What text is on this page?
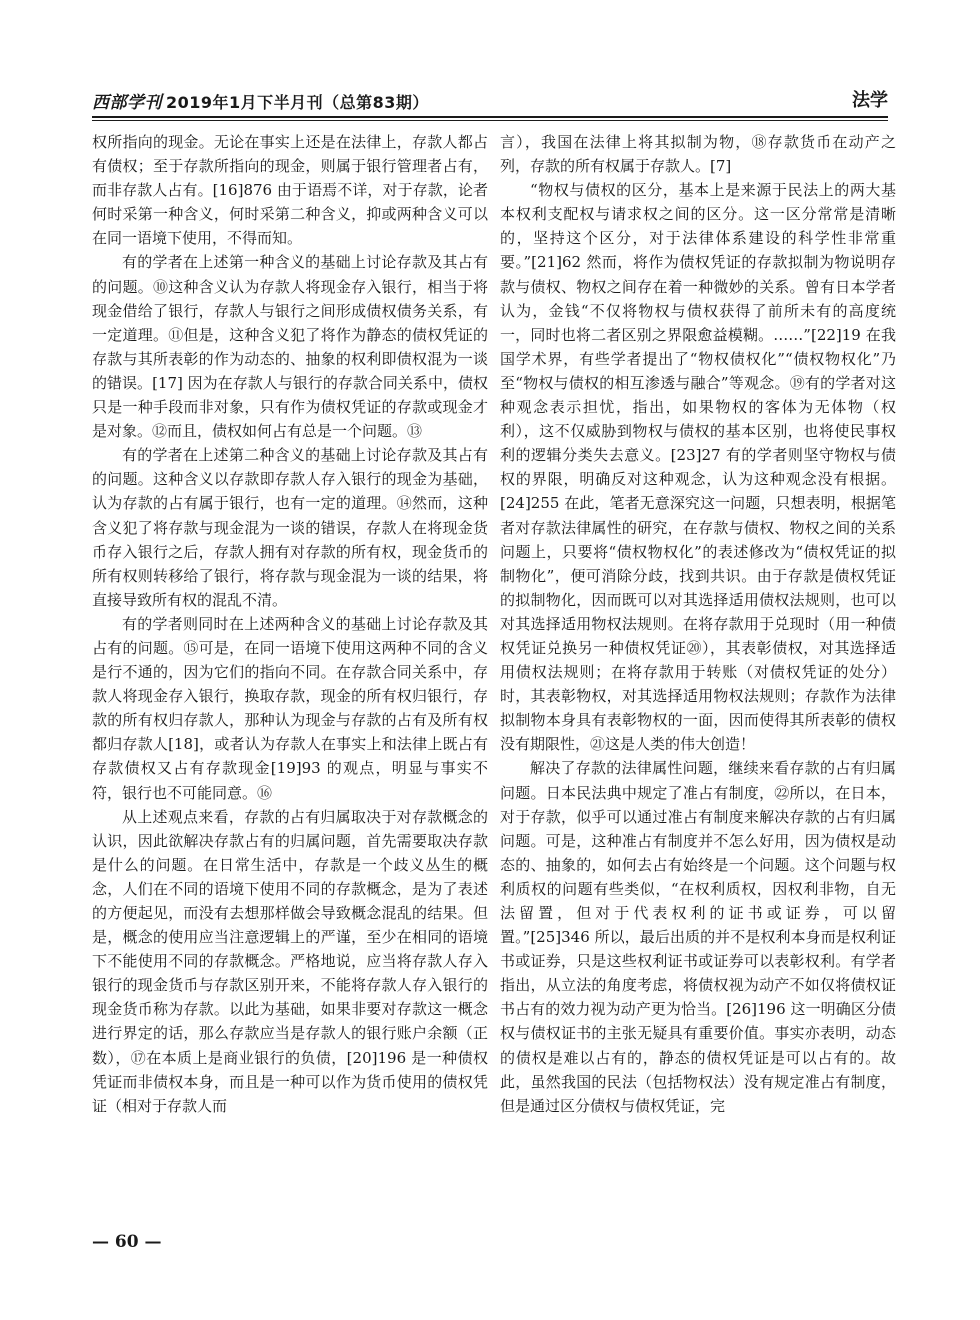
西部学刊 2019年1月下半月刊（总第83期）	法学

权所指向的现金。无论在事实上还是在法律上，存款人都占有债权；至于存款所指向的现金，则属于银行管理者占有，而非存款人占有。[16]876 由于语焉不详，对于存款，论者何时采第一种含义，何时采第二种含义，抑或两种含义可以在同一语境下使用，不得而知。

有的学者在上述第一种含义的基础上讨论存款及其占有的问题。⑩这种含义认为存款人将现金存入银行，相当于将现金借给了银行，存款人与银行之间形成债权债务关系，有一定道理。⑪但是，这种含义犯了将作为静态的债权凭证的存款与其所表彰的作为动态的、抽象的权利即债权混为一谈的错误。[17] 因为在存款人与银行的存款合同关系中，债权只是一种手段而非对象，只有作为债权凭证的存款或现金才是对象。⑫而且，债权如何占有总是一个问题。⑬

有的学者在上述第二种含义的基础上讨论存款及其占有的问题。这种含义以存款即存款人存入银行的现金为基础，认为存款的占有属于银行，也有一定的道理。⑭然而，这种含义犯了将存款与现金混为一谈的错误，存款人在将现金货币存入银行之后，存款人拥有对存款的所有权，现金货币的所有权则转移给了银行，将存款与现金混为一谈的结果，将直接导致所有权的混乱不清。

有的学者则同时在上述两种含义的基础上讨论存款及其占有的问题。⑮可是，在同一语境下使用这两种不同的含义是行不通的，因为它们的指向不同。在存款合同关系中，存款人将现金存入银行，换取存款，现金的所有权归银行，存款的所有权归存款人，那种认为现金与存款的占有及所有权都归存款人[18]，或者认为存款人在事实上和法律上既占有存款债权又占有存款现金[19]93 的观点，明显与事实不符，银行也不可能同意。⑯

从上述观点来看，存款的占有归属取决于对存款概念的认识，因此欲解决存款占有的归属问题，首先需要取决存款是什么的问题。在日常生活中，存款是一个歧义丛生的概念，人们在不同的语境下使用不同的存款概念，是为了表述的方便起见，而没有去想那样做会导致概念混乱的结果。但是，概念的使用应当注意逻辑上的严谨，至少在相同的语境下不能使用不同的存款概念。严格地说，应当将存款人存入银行的现金货币与存款区别开来，不能将存款人存入银行的现金货币称为存款。以此为基础，如果非要对存款这一概念进行界定的话，那么存款应当是存款人的银行账户余额（正数），⑰在本质上是商业银行的负债，[20]196 是一种债权凭证而非债权本身，而且是一种可以作为货币使用的债权凭证（相对于存款人而

言），我国在法律上将其拟制为物，⑱存款货币在动产之列，存款的所有权属于存款人。[7]

“物权与债权的区分，基本上是来源于民法上的两大基本权利支配权与请求权之间的区分。这一区分常常是清晰的，坚持这个区分，对于法律体系建设的科学性非常重要。”[21]62 然而，将作为债权凭证的存款拟制为物说明存款与债权、物权之间存在着一种微妙的关系。曾有日本学者认为，金钱“不仅将物权与债权获得了前所未有的高度统一，同时也将二者区别之界限愈益模糊。……”[22]19 在我国学术界，有些学者提出了“物权债权化”“债权物权化”乃至“物权与债权的相互渗透与融合”等观念。⑲有的学者对这种观念表示担忧，指出，如果物权的客体为无体物（权利），这不仅威胁到物权与债权的基本区别，也将使民事权利的逻辑分类失去意义。[23]27 有的学者则坚守物权与债权的界限，明确反对这种观念，认为这种观念没有根据。[24]255 在此，笔者无意深究这一问题，只想表明，根据笔者对存款法律属性的研究，在存款与债权、物权之间的关系问题上，只要将“债权物权化”的表述修改为“债权凭证的拟制物化”，便可消除分歧，找到共识。由于存款是债权凭证的拟制物化，因而既可以对其选择适用债权法规则，也可以对其选择适用物权法规则。在将存款用于兑现时（用一种债权凭证兑换另一种债权凭证⑳），其表彰债权，对其选择适用债权法规则；在将存款用于转账（对债权凭证的处分）时，其表彰物权，对其选择适用物权法规则；存款作为法律拟制物本身具有表彰物权的一面，因而使得其所表彰的债权没有期限性，㉑这是人类的伟大创造！

解决了存款的法律属性问题，继续来看存款的占有归属问题。日本民法典中规定了准占有制度，㉒所以，在日本，对于存款，似乎可以通过准占有制度来解决存款的占有归属问题。可是，这种准占有制度并不怎么好用，因为债权是动态的、抽象的，如何去占有始终是一个问题。这个问题与权利质权的问题有些类似，“在权利质权，因权利非物，自无法留置，但对于代表权利的证书或证券，可以留置。”[25]346 所以，最后出质的并不是权利本身而是权利证书或证券，只是这些权利证书或证券可以表彰权利。有学者指出，从立法的角度考虑，将债权视为动产不如仅将债权证书占有的效力视为动产更为恰当。[26]196 这一明确区分债权与债权证书的主张无疑具有重要价值。事实亦表明，动态的债权是难以占有的，静态的债权凭证是可以占有的。故此，虽然我国的民法（包括物权法）没有规定准占有制度，但是通过区分债权与债权凭证，完

— 60 —
